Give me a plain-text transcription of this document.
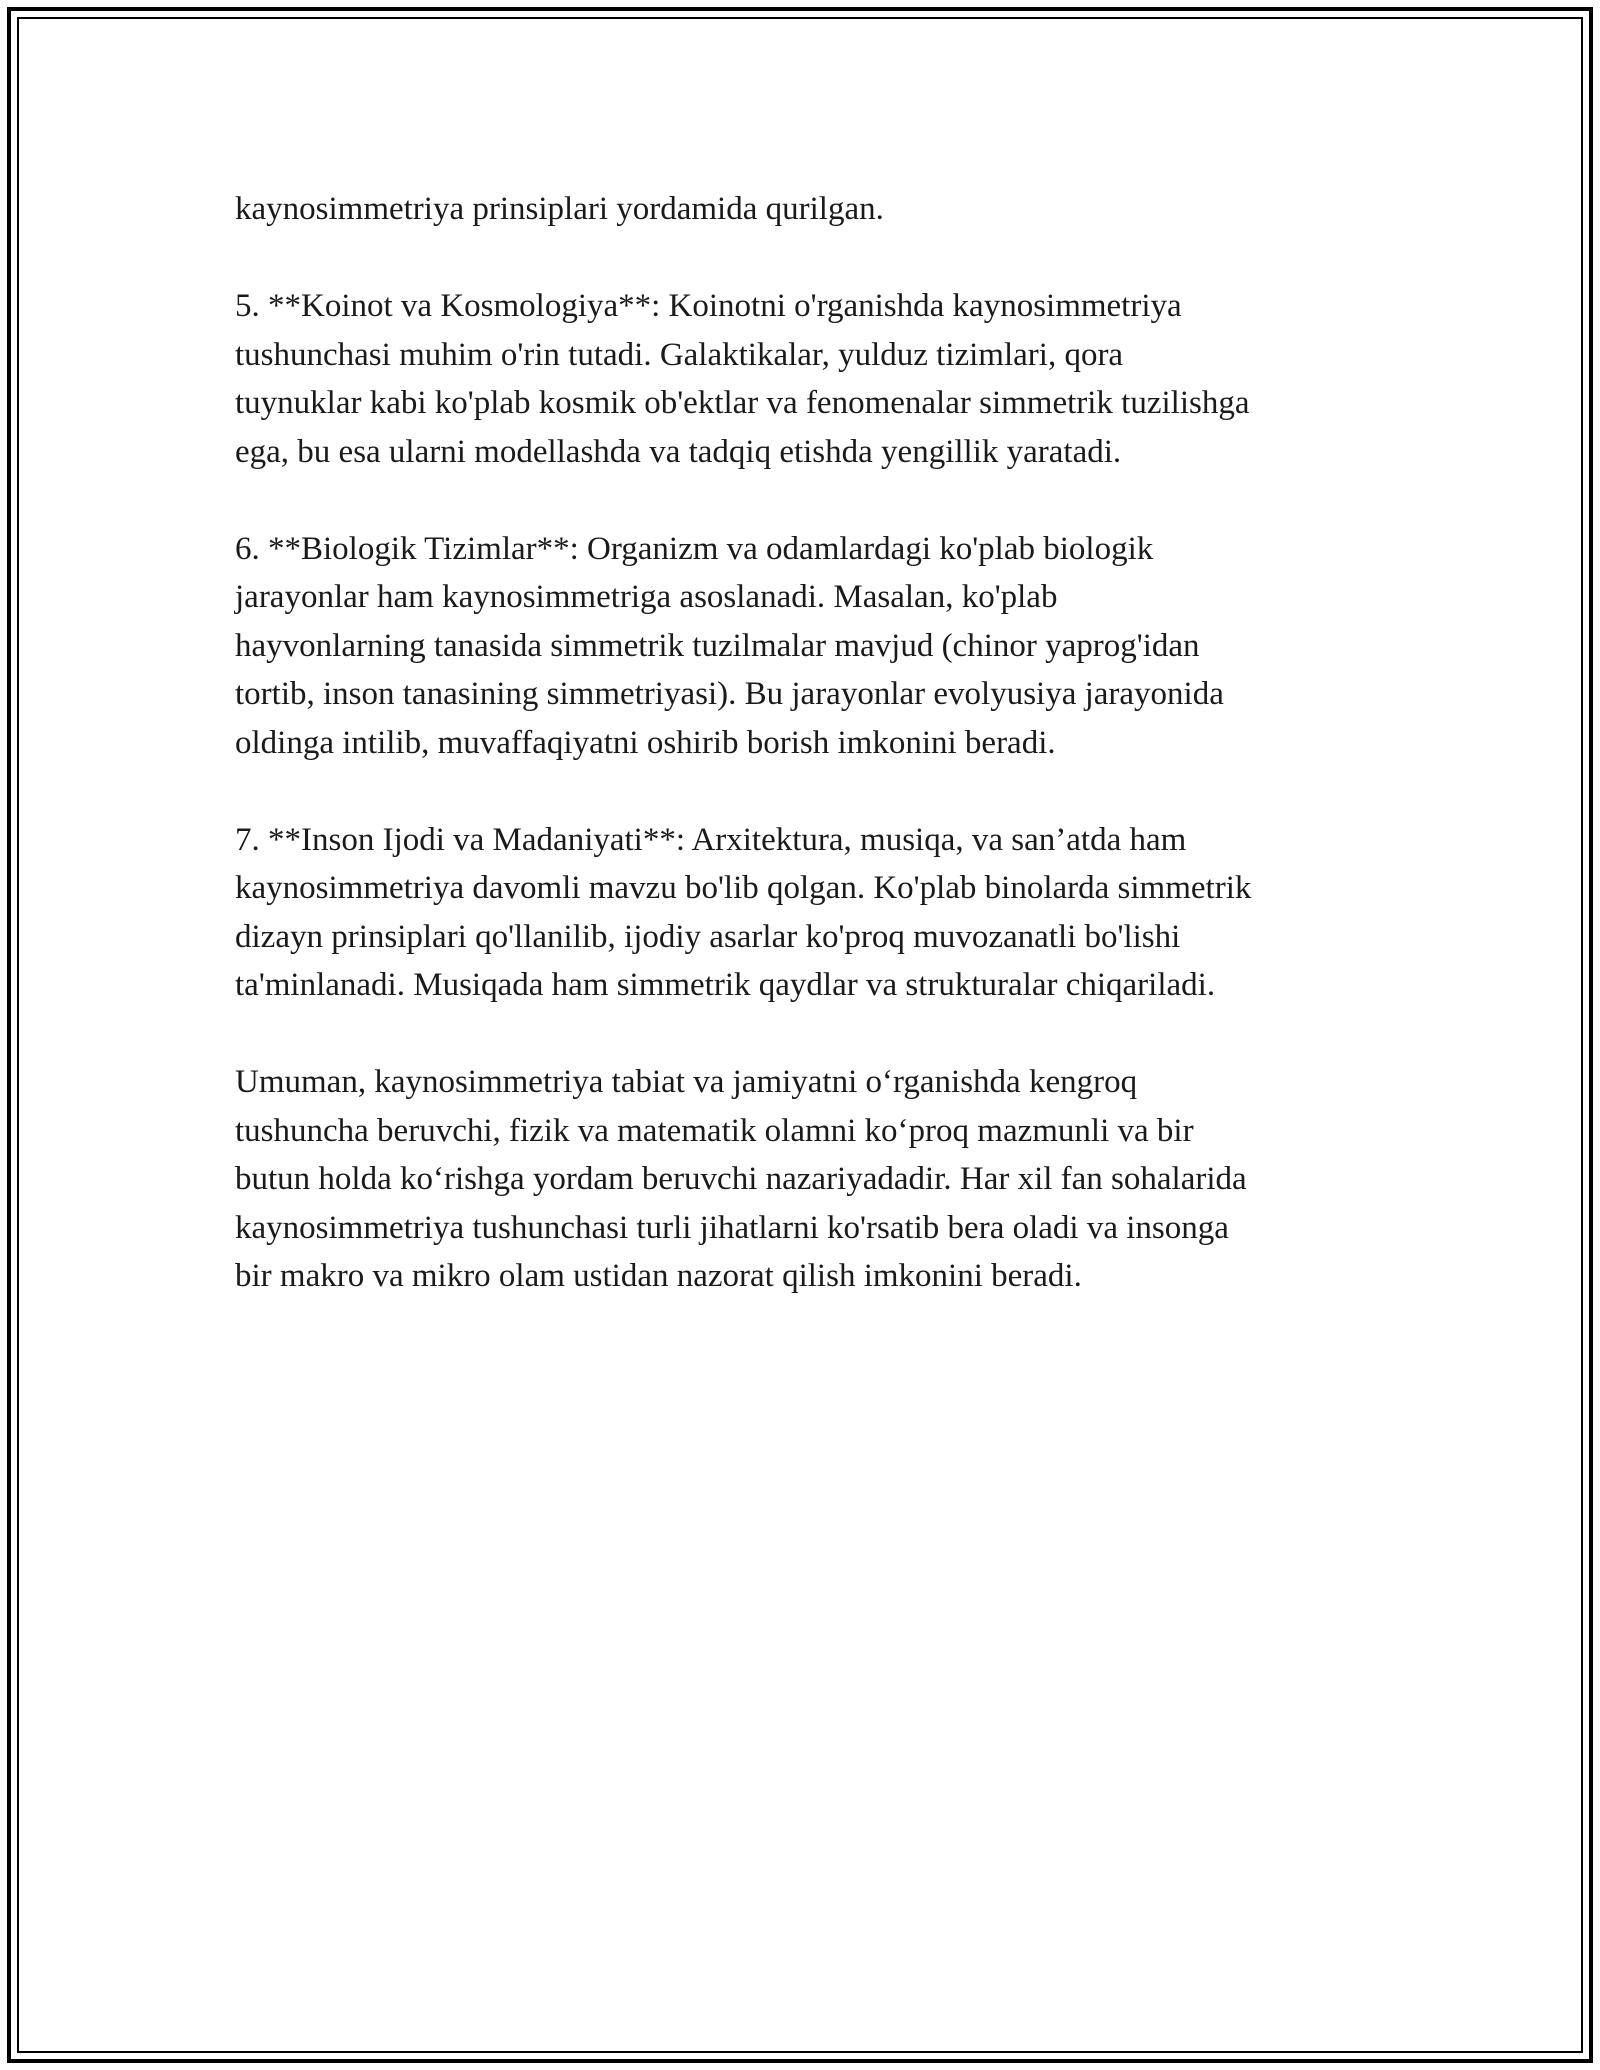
kaynosimmetriya prinsiplari yordamida qurilgan.

5. **Koinot va Kosmologiya**: Koinotni o'rganishda kaynosimmetriya
tushunchasi muhim o'rin tutadi. Galaktikalar, yulduz tizimlari, qora
tuynuklar kabi ko'plab kosmik ob'ektlar va fenomenalar simmetrik tuzilishga
ega, bu esa ularni modellashda va tadqiq etishda yengillik yaratadi.

6. **Biologik Tizimlar**: Organizm va odamlardagi ko'plab biologik
jarayonlar ham kaynosimmetriga asoslanadi. Masalan, ko'plab
hayvonlarning tanasida simmetrik tuzilmalar mavjud (chinor yaprog'idan
tortib, inson tanasining simmetriyasi). Bu jarayonlar evolyusiya jarayonida
oldinga intilib, muvaffaqiyatni oshirib borish imkonini beradi.

7. **Inson Ijodi va Madaniyati**: Arxitektura, musiqa, va san’atda ham
kaynosimmetriya davomli mavzu bo'lib qolgan. Ko'plab binolarda simmetrik
dizayn prinsiplari qo'llanilib, ijodiy asarlar ko'proq muvozanatli bo'lishi
ta'minlanadi. Musiqada ham simmetrik qaydlar va strukturalar chiqariladi.

Umuman, kaynosimmetriya tabiat va jamiyatni o‘rganishda kengroq
tushuncha beruvchi, fizik va matematik olamni ko‘proq mazmunli va bir
butun holda ko‘rishga yordam beruvchi nazariyadadir. Har xil fan sohalarida
kaynosimmetriya tushunchasi turli jihatlarni ko'rsatib bera oladi va insonga
bir makro va mikro olam ustidan nazorat qilish imkonini beradi.
